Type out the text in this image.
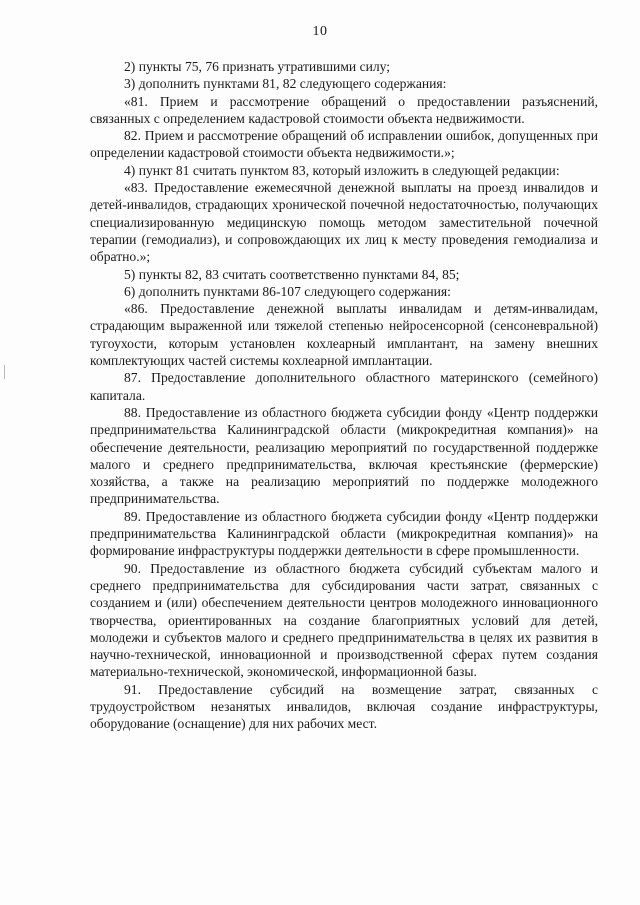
10

2) пункты 75, 76 признать утратившими силу;

3) дополнить пунктами 81, 82 следующего содержания:

«81. Прием и рассмотрение обращений о предоставлении разъяснений, связанных с определением кадастровой стоимости объекта недвижимости.

82. Прием и рассмотрение обращений об исправлении ошибок, допущенных при определении кадастровой стоимости объекта недвижимости.»;

4) пункт 81 считать пунктом 83, который изложить в следующей редакции:

«83. Предоставление ежемесячной денежной выплаты на проезд инвалидов и детей-инвалидов, страдающих хронической почечной недостаточностью, получающих специализированную медицинскую помощь методом заместительной почечной терапии (гемодиализ), и сопровождающих их лиц к месту проведения гемодиализа и обратно.»;

5) пункты 82, 83 считать соответственно пунктами 84, 85;

6) дополнить пунктами 86-107 следующего содержания:

«86. Предоставление денежной выплаты инвалидам и детям-инвалидам, страдающим выраженной или тяжелой степенью нейросенсорной (сенсоневральной) тугоухости, которым установлен кохлеарный имплантант, на замену внешних комплектующих частей системы кохлеарной имплантации.

87. Предоставление дополнительного областного материнского (семейного) капитала.

88. Предоставление из областного бюджета субсидии фонду «Центр поддержки предпринимательства Калининградской области (микрокредитная компания)» на обеспечение деятельности, реализацию мероприятий по государственной поддержке малого и среднего предпринимательства, включая крестьянские (фермерские) хозяйства, а также на реализацию мероприятий по поддержке молодежного предпринимательства.

89. Предоставление из областного бюджета субсидии фонду «Центр поддержки предпринимательства Калининградской области (микрокредитная компания)» на формирование инфраструктуры поддержки деятельности в сфере промышленности.

90. Предоставление из областного бюджета субсидий субъектам малого и среднего предпринимательства для субсидирования части затрат, связанных с созданием и (или) обеспечением деятельности центров молодежного инновационного творчества, ориентированных на создание благоприятных условий для детей, молодежи и субъектов малого и среднего предпринимательства в целях их развития в научно-технической, инновационной и производственной сферах путем создания материально-технической, экономической, информационной базы.

91. Предоставление субсидий на возмещение затрат, связанных с трудоустройством незанятых инвалидов, включая создание инфраструктуры, оборудование (оснащение) для них рабочих мест.
